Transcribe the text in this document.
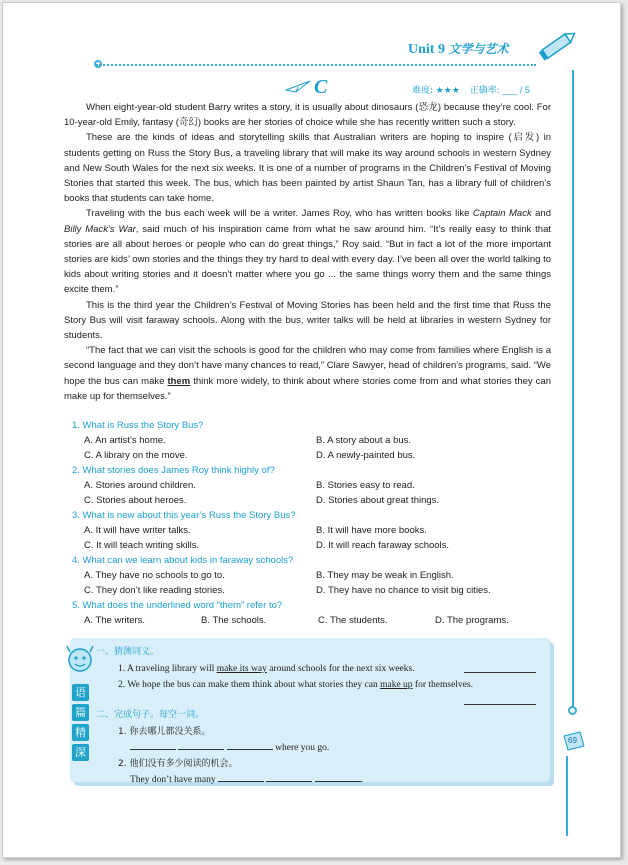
Unit 9 文学与艺术
C	难度: ★★★ 正确率: ___ / 5

When eight-year-old student Barry writes a story, it is usually about dinosaurs (恐龙) because they’re cool. For 10-year-old Emily, fantasy (奇幻) books are her stories of choice while she has recently written such a story.

These are the kinds of ideas and storytelling skills that Australian writers are hoping to inspire (启发) in students getting on Russ the Story Bus, a traveling library that will make its way around schools in western Sydney and New South Wales for the next six weeks. It is one of a number of programs in the Children’s Festival of Moving Stories that started this week. The bus, which has been painted by artist Shaun Tan, has a library full of children’s books that students can take home.

Traveling with the bus each week will be a writer. James Roy, who has written books like Captain Mack and Billy Mack’s War, said much of his inspiration came from what he saw around him. “It’s really easy to think that stories are all about heroes or people who can do great things,” Roy said. “But in fact a lot of the more important stories are kids’ own stories and the things they try hard to deal with every day. I’ve been all over the world talking to kids about writing stories and it doesn’t matter where you go ... the same things worry them and the same things excite them.”

This is the third year the Children’s Festival of Moving Stories has been held and the first time that Russ the Story Bus will visit faraway schools. Along with the bus, writer talks will be held at libraries in western Sydney for students.

“The fact that we can visit the schools is good for the children who may come from families where English is a second language and they don’t have many chances to read,” Clare Sawyer, head of children’s programs, said. “We hope the bus can make them think more widely, to think about where stories come from and what stories they can make up for themselves.”

1. What is Russ the Story Bus?
A. An artist’s home.	B. A story about a bus.
C. A library on the move.	D. A newly-painted bus.
2. What stories does James Roy think highly of?
A. Stories around children.	B. Stories easy to read.
C. Stories about heroes.	D. Stories about great things.
3. What is new about this year’s Russ the Story Bus?
A. It will have writer talks.	B. It will have more books.
C. It will teach writing skills.	D. It will reach faraway schools.
4. What can we learn about kids in faraway schools?
A. They have no schools to go to.	B. They may be weak in English.
C. They don’t like reading stories.	D. They have no chance to visit big cities.
5. What does the underlined word “them” refer to?
A. The writers.	B. The schools.	C. The students.	D. The programs.
语
篇
精
深
一、猜测词义。
1. A traveling library will make its way around schools for the next six weeks.
2. We hope the bus can make them think about what stories they can make up for themselves.
二、完成句子。每空一词。
1. 你去哪儿都没关系。
where you go.
2. 他们没有多少阅读的机会。
They don’t have many	.
69
